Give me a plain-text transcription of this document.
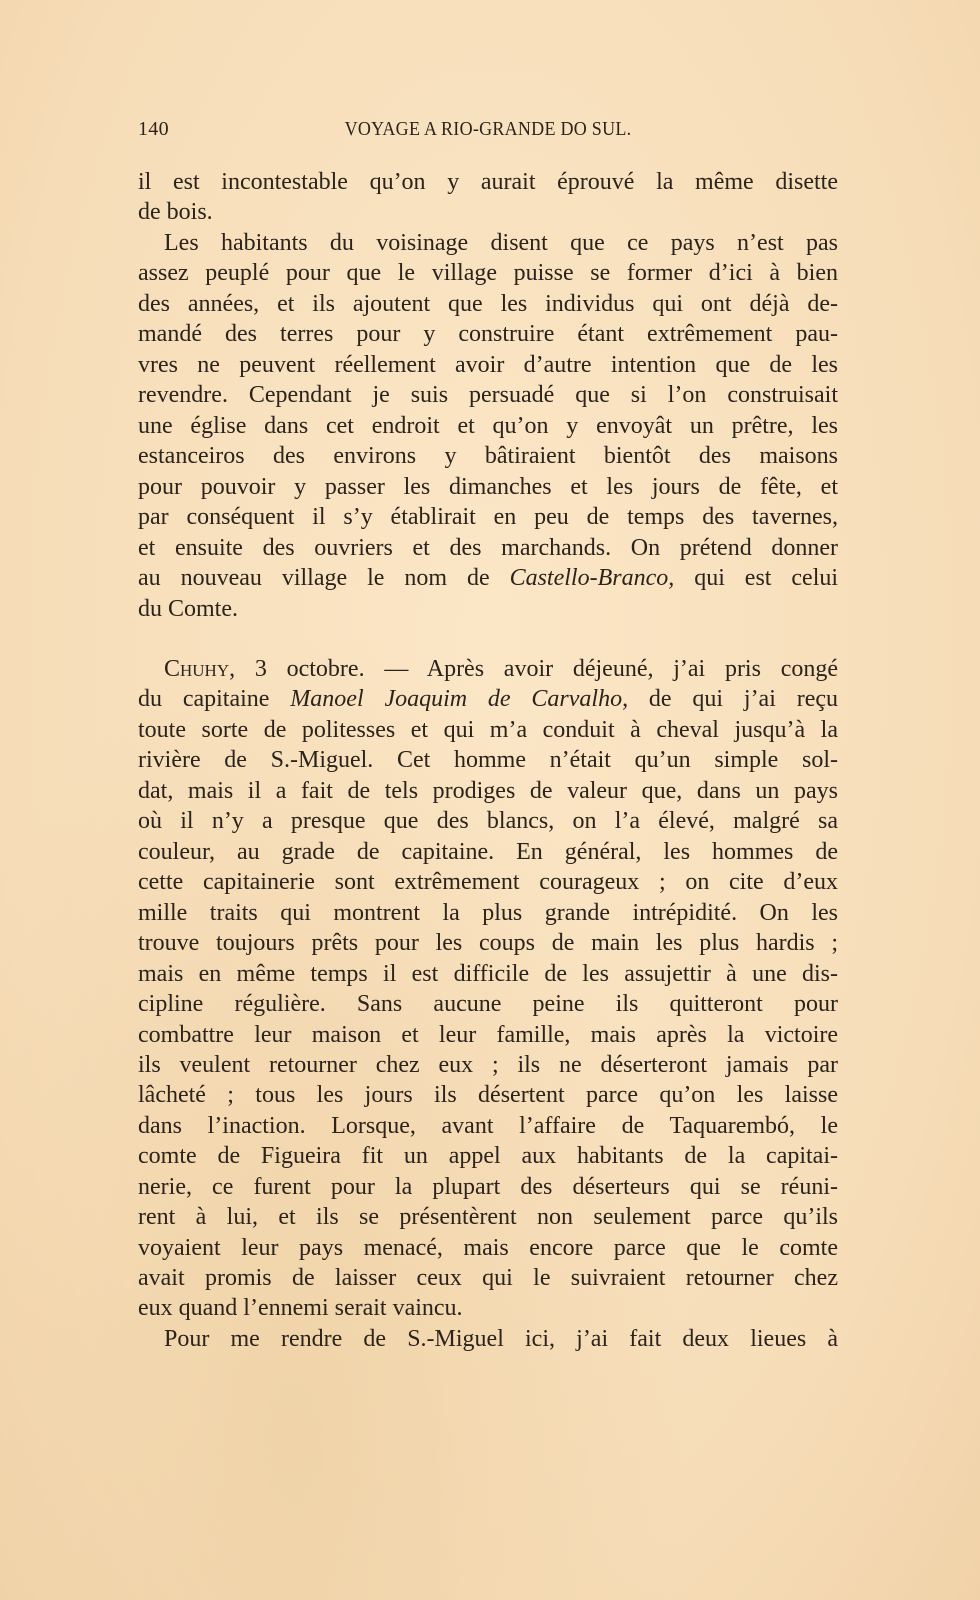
140	VOYAGE A RIO-GRANDE DO SUL.
il est incontestable qu’on y aurait éprouvé la même disette
de bois.
Les habitants du voisinage disent que ce pays n’est pas
assez peuplé pour que le village puisse se former d’ici à bien
des années, et ils ajoutent que les individus qui ont déjà de-
mandé des terres pour y construire étant extrêmement pau-
vres ne peuvent réellement avoir d’autre intention que de les
revendre. Cependant je suis persuadé que si l’on construisait
une église dans cet endroit et qu’on y envoyât un prêtre, les
estanceiros des environs y bâtiraient bientôt des maisons
pour pouvoir y passer les dimanches et les jours de fête, et
par conséquent il s’y établirait en peu de temps des tavernes,
et ensuite des ouvriers et des marchands. On prétend donner
au nouveau village le nom de Castello-Branco, qui est celui
du Comte.
Chuhy, 3 octobre. — Après avoir déjeuné, j’ai pris congé
du capitaine Manoel Joaquim de Carvalho, de qui j’ai reçu
toute sorte de politesses et qui m’a conduit à cheval jusqu’à la
rivière de S.-Miguel. Cet homme n’était qu’un simple sol-
dat, mais il a fait de tels prodiges de valeur que, dans un pays
où il n’y a presque que des blancs, on l’a élevé, malgré sa
couleur, au grade de capitaine. En général, les hommes de
cette capitainerie sont extrêmement courageux ; on cite d’eux
mille traits qui montrent la plus grande intrépidité. On les
trouve toujours prêts pour les coups de main les plus hardis ;
mais en même temps il est difficile de les assujettir à une dis-
cipline régulière. Sans aucune peine ils quitteront pour
combattre leur maison et leur famille, mais après la victoire
ils veulent retourner chez eux ; ils ne déserteront jamais par
lâcheté ; tous les jours ils désertent parce qu’on les laisse
dans l’inaction. Lorsque, avant l’affaire de Taquarembó, le
comte de Figueira fit un appel aux habitants de la capitai-
nerie, ce furent pour la plupart des déserteurs qui se réuni-
rent à lui, et ils se présentèrent non seulement parce qu’ils
voyaient leur pays menacé, mais encore parce que le comte
avait promis de laisser ceux qui le suivraient retourner chez
eux quand l’ennemi serait vaincu.
Pour me rendre de S.-Miguel ici, j’ai fait deux lieues à
